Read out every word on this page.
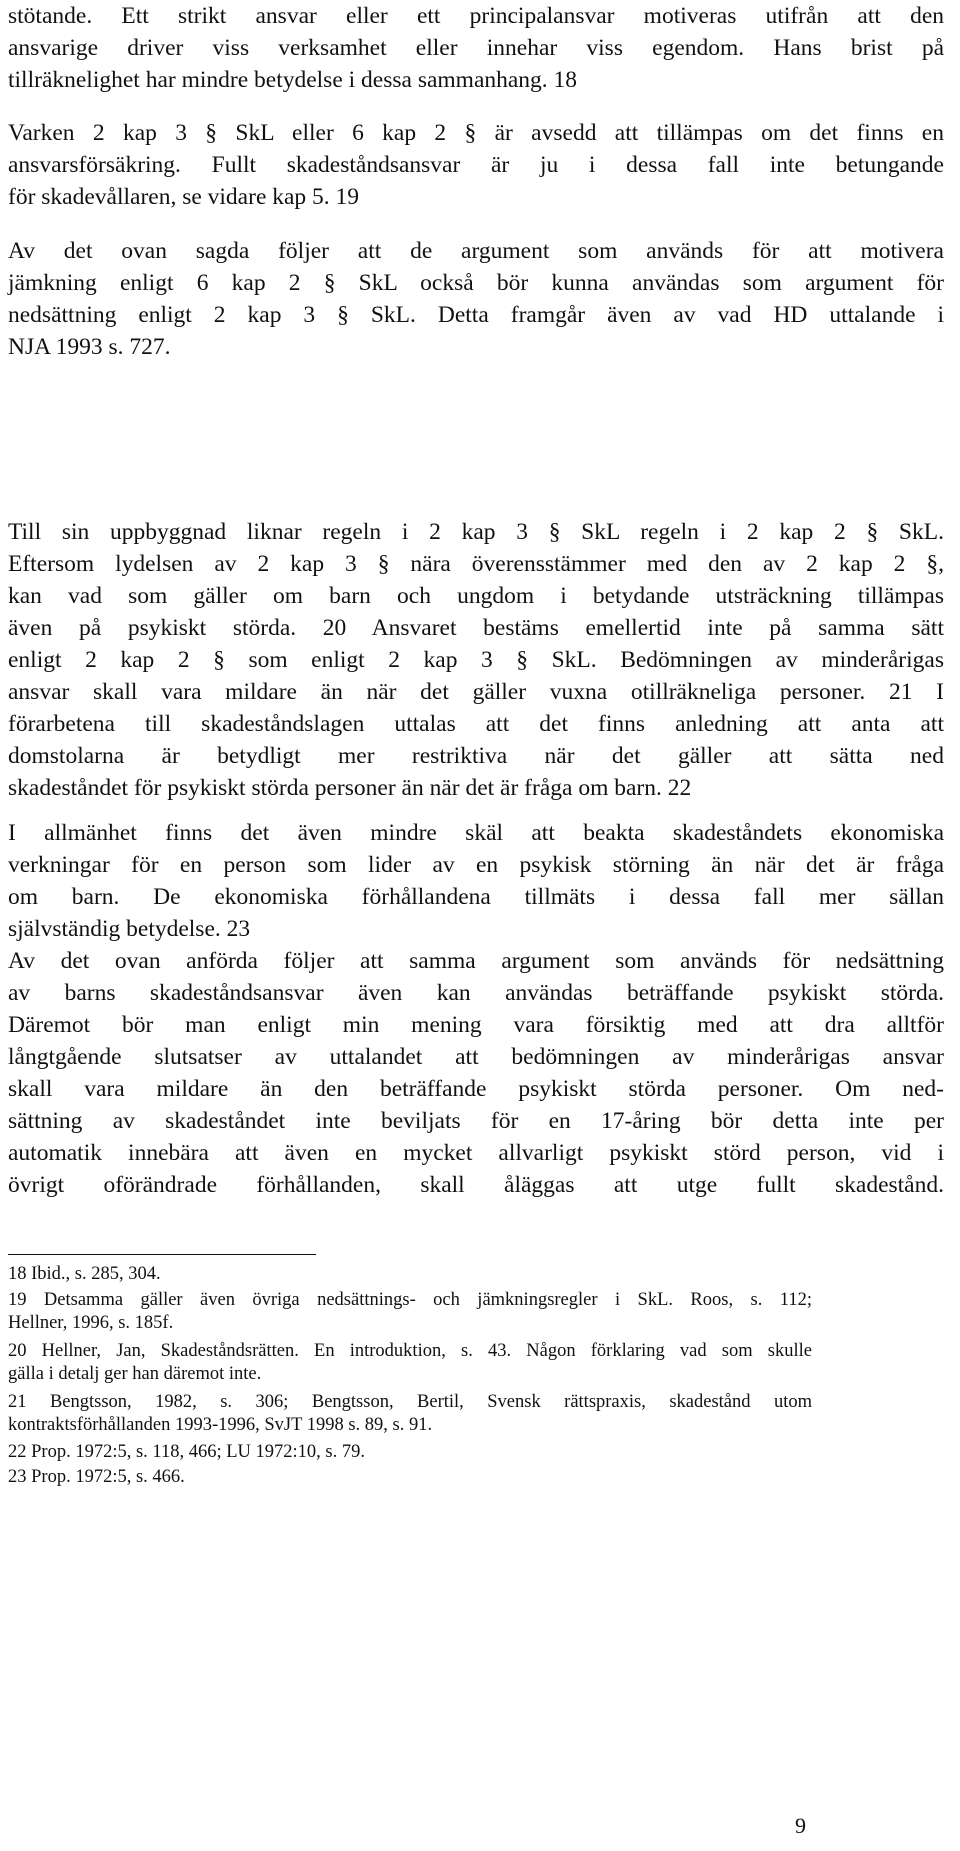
stötande. Ett strikt ansvar eller ett principalansvar motiveras utifrån att den
ansvarige driver viss verksamhet eller innehar viss egendom. Hans brist på
tillräknelighet har mindre betydelse i dessa sammanhang. 18

Varken 2 kap 3 § SkL eller 6 kap 2 § är avsedd att tillämpas om det finns en
ansvarsförsäkring. Fullt skadeståndsansvar är ju i dessa fall inte betungande
för skadevållaren, se vidare kap 5. 19

Av det ovan sagda följer att de argument som används för att motivera
jämkning enligt 6 kap 2 § SkL också bör kunna användas som argument för
nedsättning enligt 2 kap 3 § SkL. Detta framgår även av vad HD uttalande i
NJA 1993 s. 727.

Till sin uppbyggnad liknar regeln i 2 kap 3 § SkL regeln i 2 kap 2 § SkL.
Eftersom lydelsen av 2 kap 3 § nära överensstämmer med den av 2 kap 2 §,
kan vad som gäller om barn och ungdom i betydande utsträckning tillämpas
även på psykiskt störda. 20 Ansvaret bestäms emellertid inte på samma sätt
enligt 2 kap 2 § som enligt 2 kap 3 § SkL. Bedömningen av minderårigas
ansvar skall vara mildare än när det gäller vuxna otillräkneliga personer. 21 I
förarbetena till skadeståndslagen uttalas att det finns anledning att anta att
domstolarna är betydligt mer restriktiva när det gäller att sätta ned
skadeståndet för psykiskt störda personer än när det är fråga om barn. 22

I allmänhet finns det även mindre skäl att beakta skadeståndets ekonomiska
verkningar för en person som lider av en psykisk störning än när det är fråga
om barn. De ekonomiska förhållandena tillmäts i dessa fall mer sällan
självständig betydelse. 23

Av det ovan anförda följer att samma argument som används för nedsättning
av barns skadeståndsansvar även kan användas beträffande psykiskt störda.
Däremot bör man enligt min mening vara försiktig med att dra alltför
långtgående slutsatser av uttalandet att bedömningen av minderårigas ansvar
skall vara mildare än den beträffande psykiskt störda personer. Om ned-
sättning av skadeståndet inte beviljats för en 17-åring bör detta inte per
automatik innebära att även en mycket allvarligt psykiskt störd person, vid i
övrigt oförändrade förhållanden, skall åläggas att utge fullt skadestånd.

18 Ibid., s. 285, 304.

19 Detsamma gäller även övriga nedsättnings- och jämkningsregler i SkL. Roos, s. 112;
Hellner, 1996, s. 185f.

20 Hellner, Jan, Skadeståndsrätten. En introduktion, s. 43. Någon förklaring vad som skulle
gälla i detalj ger han däremot inte.

21 Bengtsson, 1982, s. 306; Bengtsson, Bertil, Svensk rättspraxis, skadestånd utom
kontraktsförhållanden 1993-1996, SvJT 1998 s. 89, s. 91.

22 Prop. 1972:5, s. 118, 466; LU 1972:10, s. 79.

23 Prop. 1972:5, s. 466.

9
